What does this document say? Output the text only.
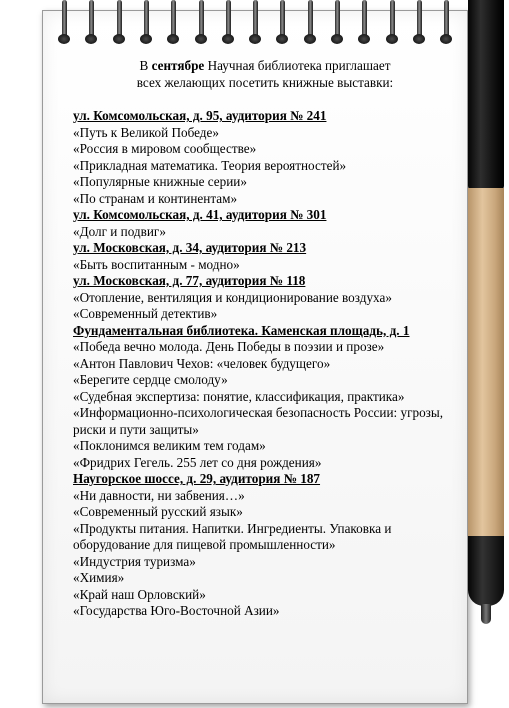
В сентябре Научная библиотека приглашает
всех желающих посетить книжные выставки:
ул. Комсомольская, д. 95, аудитория № 241
«Путь к Великой Победе»
«Россия в мировом сообществе»
«Прикладная математика. Теория вероятностей»
«Популярные книжные серии»
«По странам и континентам»
ул. Комсомольская, д. 41, аудитория № 301
«Долг и подвиг»
ул. Московская, д. 34, аудитория № 213
«Быть воспитанным - модно»
ул. Московская, д. 77, аудитория № 118
«Отопление, вентиляция и кондиционирование воздуха»
«Современный детектив»
Фундаментальная библиотека. Каменская площадь, д. 1
«Победа вечно молода. День Победы в поэзии и прозе»
«Антон Павлович Чехов: «человек будущего»
«Берегите сердце смолоду»
«Судебная экспертиза: понятие, классификация, практика»
«Информационно-психологическая безопасность России: угрозы, риски и пути защиты»
«Поклонимся великим тем годам»
«Фридрих Гегель. 255 лет со дня рождения»
Наугорское шоссе, д. 29, аудитория № 187
«Ни давности, ни забвения…»
«Современный русский язык»
«Продукты питания. Напитки. Ингредиенты. Упаковка и оборудование для пищевой промышленности»
«Индустрия туризма»
«Химия»
«Край наш Орловский»
«Государства Юго-Восточной Азии»
